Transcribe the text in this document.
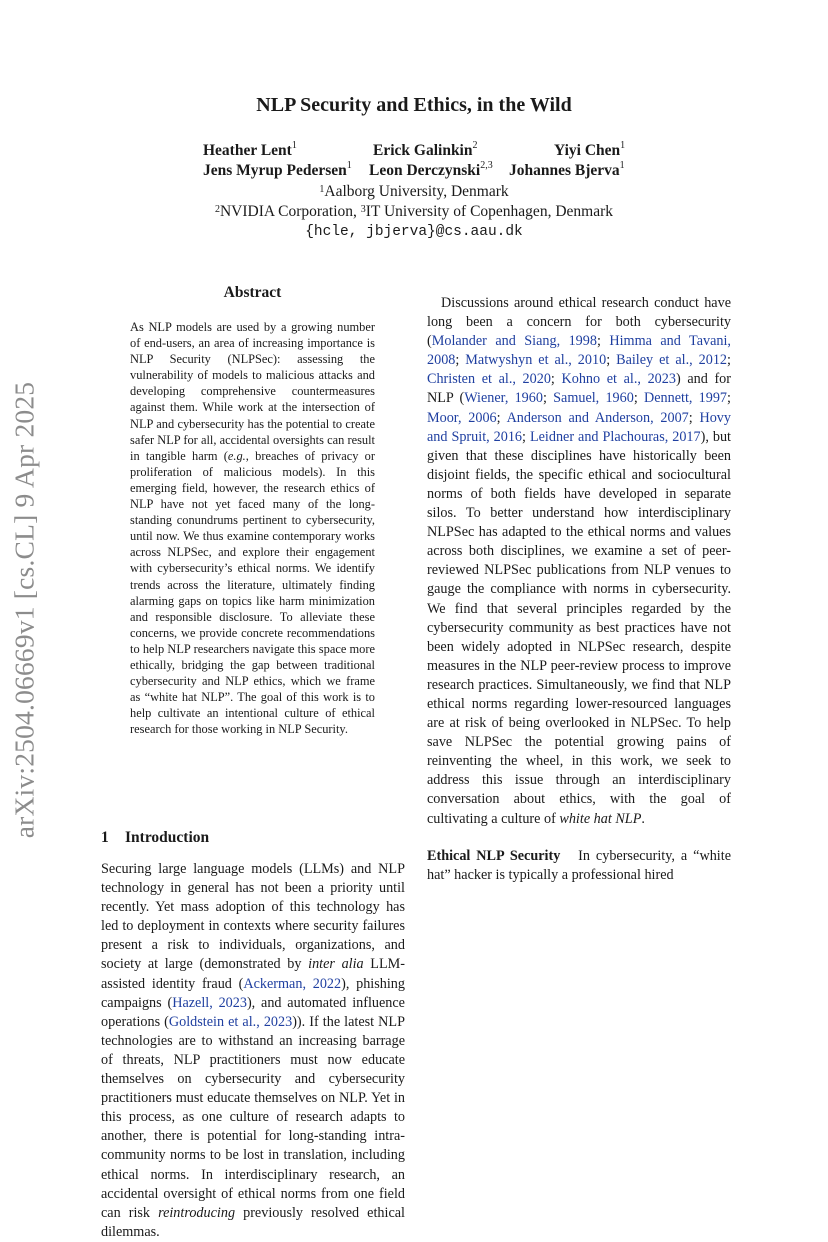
arXiv:2504.06669v1 [cs.CL] 9 Apr 2025
NLP Security and Ethics, in the Wild
Heather Lent$^1$	Erick Galinkin$^2$	Yiyi Chen$^1$
Jens Myrup Pedersen$^1$ Leon Derczynski$^{2,3}$ Johannes Bjerva$^1$
$^1$Aalborg University, Denmark
$^2$NVIDIA Corporation, $^3$IT University of Copenhagen, Denmark
{hcle, jbjerva}@cs.aau.dk
Abstract

As NLP models are used by a growing number of end-users, an area of increasing importance is NLP Security (NLPSec): assessing the vulnerability of models to malicious attacks and developing comprehensive countermeasures against them. While work at the intersection of NLP and cybersecurity has the potential to create safer NLP for all, accidental oversights can result in tangible harm (e.g., breaches of privacy or proliferation of malicious models). In this emerging field, however, the research ethics of NLP have not yet faced many of the long-standing conundrums pertinent to cybersecurity, until now. We thus examine contemporary works across NLPSec, and explore their engagement with cybersecurity’s ethical norms. We identify trends across the literature, ultimately finding alarming gaps on topics like harm minimization and responsible disclosure. To alleviate these concerns, we provide concrete recommendations to help NLP researchers navigate this space more ethically, bridging the gap between traditional cybersecurity and NLP ethics, which we frame as “white hat NLP”. The goal of this work is to help cultivate an intentional culture of ethical research for those working in NLP Security.

1 Introduction

Securing large language models (LLMs) and NLP technology in general has not been a priority until recently. Yet mass adoption of this technology has led to deployment in contexts where security failures present a risk to individuals, organizations, and society at large (demonstrated by inter alia LLM-assisted identity fraud (Ackerman, 2022), phishing campaigns (Hazell, 2023), and automated influence operations (Goldstein et al., 2023)). If the latest NLP technologies are to withstand an increasing barrage of threats, NLP practitioners must now educate themselves on cybersecurity and cybersecurity practitioners must educate themselves on NLP. Yet in this process, as one culture of research adapts to another, there is potential for long-standing intra-community norms to be lost in translation, including ethical norms. In interdisciplinary research, an accidental oversight of ethical norms from one field can risk reintroducing previously resolved ethical dilemmas.

Discussions around ethical research conduct have long been a concern for both cybersecurity (Molander and Siang, 1998; Himma and Tavani, 2008; Matwyshyn et al., 2010; Bailey et al., 2012; Christen et al., 2020; Kohno et al., 2023) and for NLP (Wiener, 1960; Samuel, 1960; Dennett, 1997; Moor, 2006; Anderson and Anderson, 2007; Hovy and Spruit, 2016; Leidner and Plachouras, 2017), but given that these disciplines have historically been disjoint fields, the specific ethical and sociocultural norms of both fields have developed in separate silos. To better understand how interdisciplinary NLPSec has adapted to the ethical norms and values across both disciplines, we examine a set of peer-reviewed NLPSec publications from NLP venues to gauge the compliance with norms in cybersecurity. We find that several principles regarded by the cybersecurity community as best practices have not been widely adopted in NLPSec research, despite measures in the NLP peer-review process to improve research practices. Simultaneously, we find that NLP ethical norms regarding lower-resourced languages are at risk of being overlooked in NLPSec. To help save NLPSec the potential growing pains of reinventing the wheel, in this work, we seek to address this issue through an interdisciplinary conversation about ethics, with the goal of cultivating a culture of white hat NLP.

Ethical NLP Security In cybersecurity, a “white hat” hacker is typically a professional hired
